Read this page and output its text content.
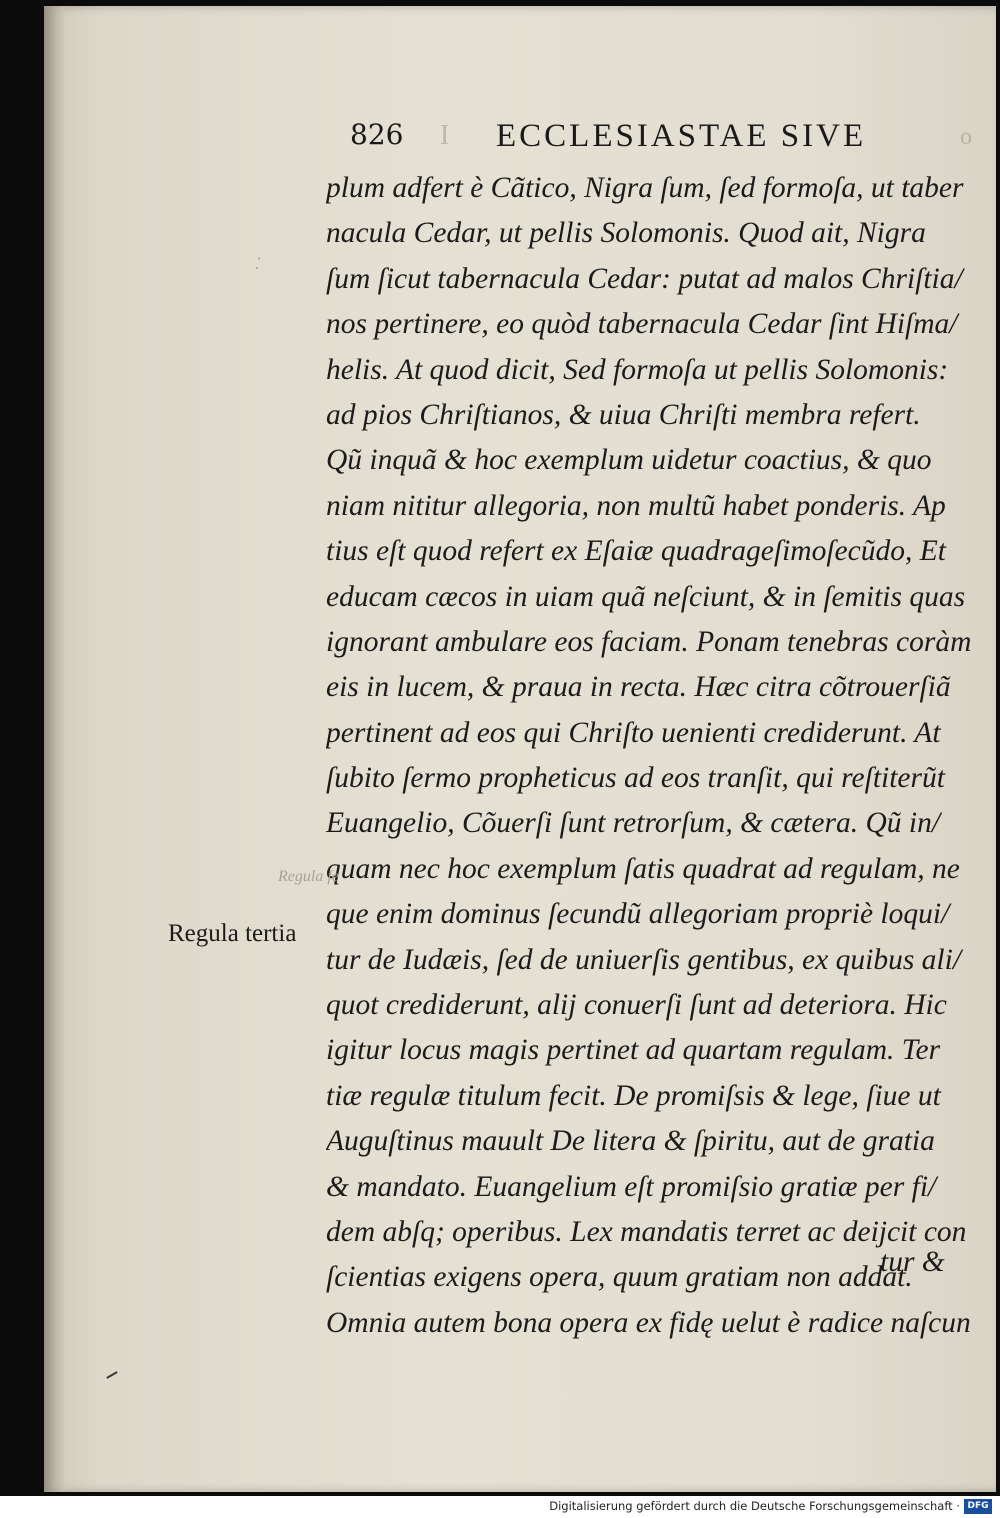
826 I ECCLESIASTAE SIVE	o
plum adfert è Cãtico, Nigra ſum, ſed formoſa, ut taber
nacula Cedar, ut pellis Solomonis. Quod ait, Nigra
ſum ſicut tabernacula Cedar: putat ad malos Chriſtia/
nos pertinere, eo quòd tabernacula Cedar ſint Hiſma/
helis. At quod dicit, Sed formoſa ut pellis Solomonis:
ad pios Chriſtianos, & uiua Chriſti membra refert.
Qũ inquã & hoc exemplum uidetur coactius, & quo
niam nititur allegoria, non multũ habet ponderis. Ap
tius eſt quod refert ex Eſaiæ quadrageſimoſecũdo, Et
educam cæcos in uiam quã neſciunt, & in ſemitis quas
ignorant ambulare eos faciam. Ponam tenebras coràm
eis in lucem, & praua in recta. Hæc citra cõtrouerſiã
pertinent ad eos qui Chriſto uenienti crediderunt. At
ſubito ſermo propheticus ad eos tranſit, qui reſtiterũt
Euangelio, Cõuerſi ſunt retrorſum, & cætera. Qũ in/
quam nec hoc exemplum ſatis quadrat ad regulam, ne
que enim dominus ſecundũ allegoriam propriè loqui/
tur de Iudæis, ſed de uniuerſis gentibus, ex quibus ali/
quot crediderunt, alij conuerſi ſunt ad deteriora. Hic
igitur locus magis pertinet ad quartam regulam. Ter
tiæ regulæ titulum fecit. De promiſsis & lege, ſiue ut
Auguſtinus mauult De litera & ſpiritu, aut de gratia
& mandato. Euangelium eſt promiſsio gratiæ per fi/
dem abſq; operibus. Lex mandatis terret ac deijcit con
ſcientias exigens opera, quum gratiam non addat.
Omnia autem bona opera ex fidę uelut è radice naſcun
tur &
Regula tertia
⁚
Regula fe
Digitalisierung gefördert durch die Deutsche Forschungsgemeinschaft · DFG
